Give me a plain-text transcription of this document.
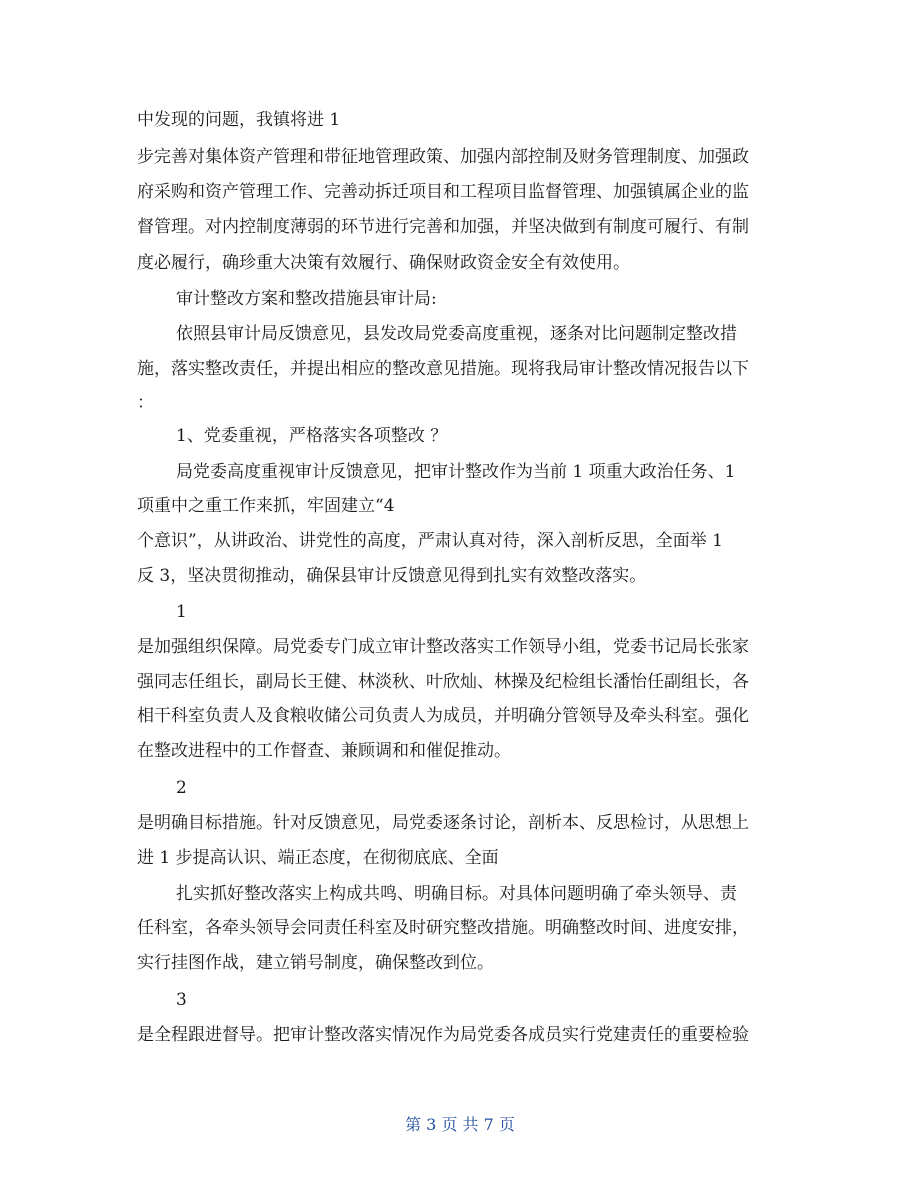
中发现的问题，我镇将进 1
步完善对集体资产管理和带征地管理政策、加强内部控制及财务管理制度、加强政
府采购和资产管理工作、完善动拆迁项目和工程项目监督管理、加强镇属企业的监
督管理。对内控制度薄弱的环节进行完善和加强，并坚决做到有制度可履行、有制
度必履行，确珍重大决策有效履行、确保财政资金安全有效使用。
审计整改方案和整改措施县审计局:
依照县审计局反馈意见，县发改局党委高度重视，逐条对比问题制定整改措
施，落实整改责任，并提出相应的整改意见措施。现将我局审计整改情况报告以下
：
1、党委重视，严格落实各项整改 ？
局党委高度重视审计反馈意见，把审计整改作为当前 1 项重大政治任务、1
项重中之重工作来抓，牢固建立“4
个意识”，从讲政治、讲党性的高度，严肃认真对待，深入剖析反思，全面举 1
反 3，坚决贯彻推动，确保县审计反馈意见得到扎实有效整改落实。
1
是加强组织保障。局党委专门成立审计整改落实工作领导小组，党委书记局长张家
强同志任组长，副局长王健、林淡秋、叶欣灿、林操及纪检组长潘怡任副组长，各
相干科室负责人及食粮收储公司负责人为成员，并明确分管领导及牵头科室。强化
在整改进程中的工作督查、兼顾调和和催促推动。
2
是明确目标措施。针对反馈意见，局党委逐条讨论，剖析本、反思检讨，从思想上
进 1 步提高认识、端正态度，在彻彻底底、全面
扎实抓好整改落实上构成共鸣、明确目标。对具体问题明确了牵头领导、责
任科室，各牵头领导会同责任科室及时研究整改措施。明确整改时间、进度安排，
实行挂图作战，建立销号制度，确保整改到位。
3
是全程跟进督导。把审计整改落实情况作为局党委各成员实行党建责任的重要检验
第 3 页 共 7 页
